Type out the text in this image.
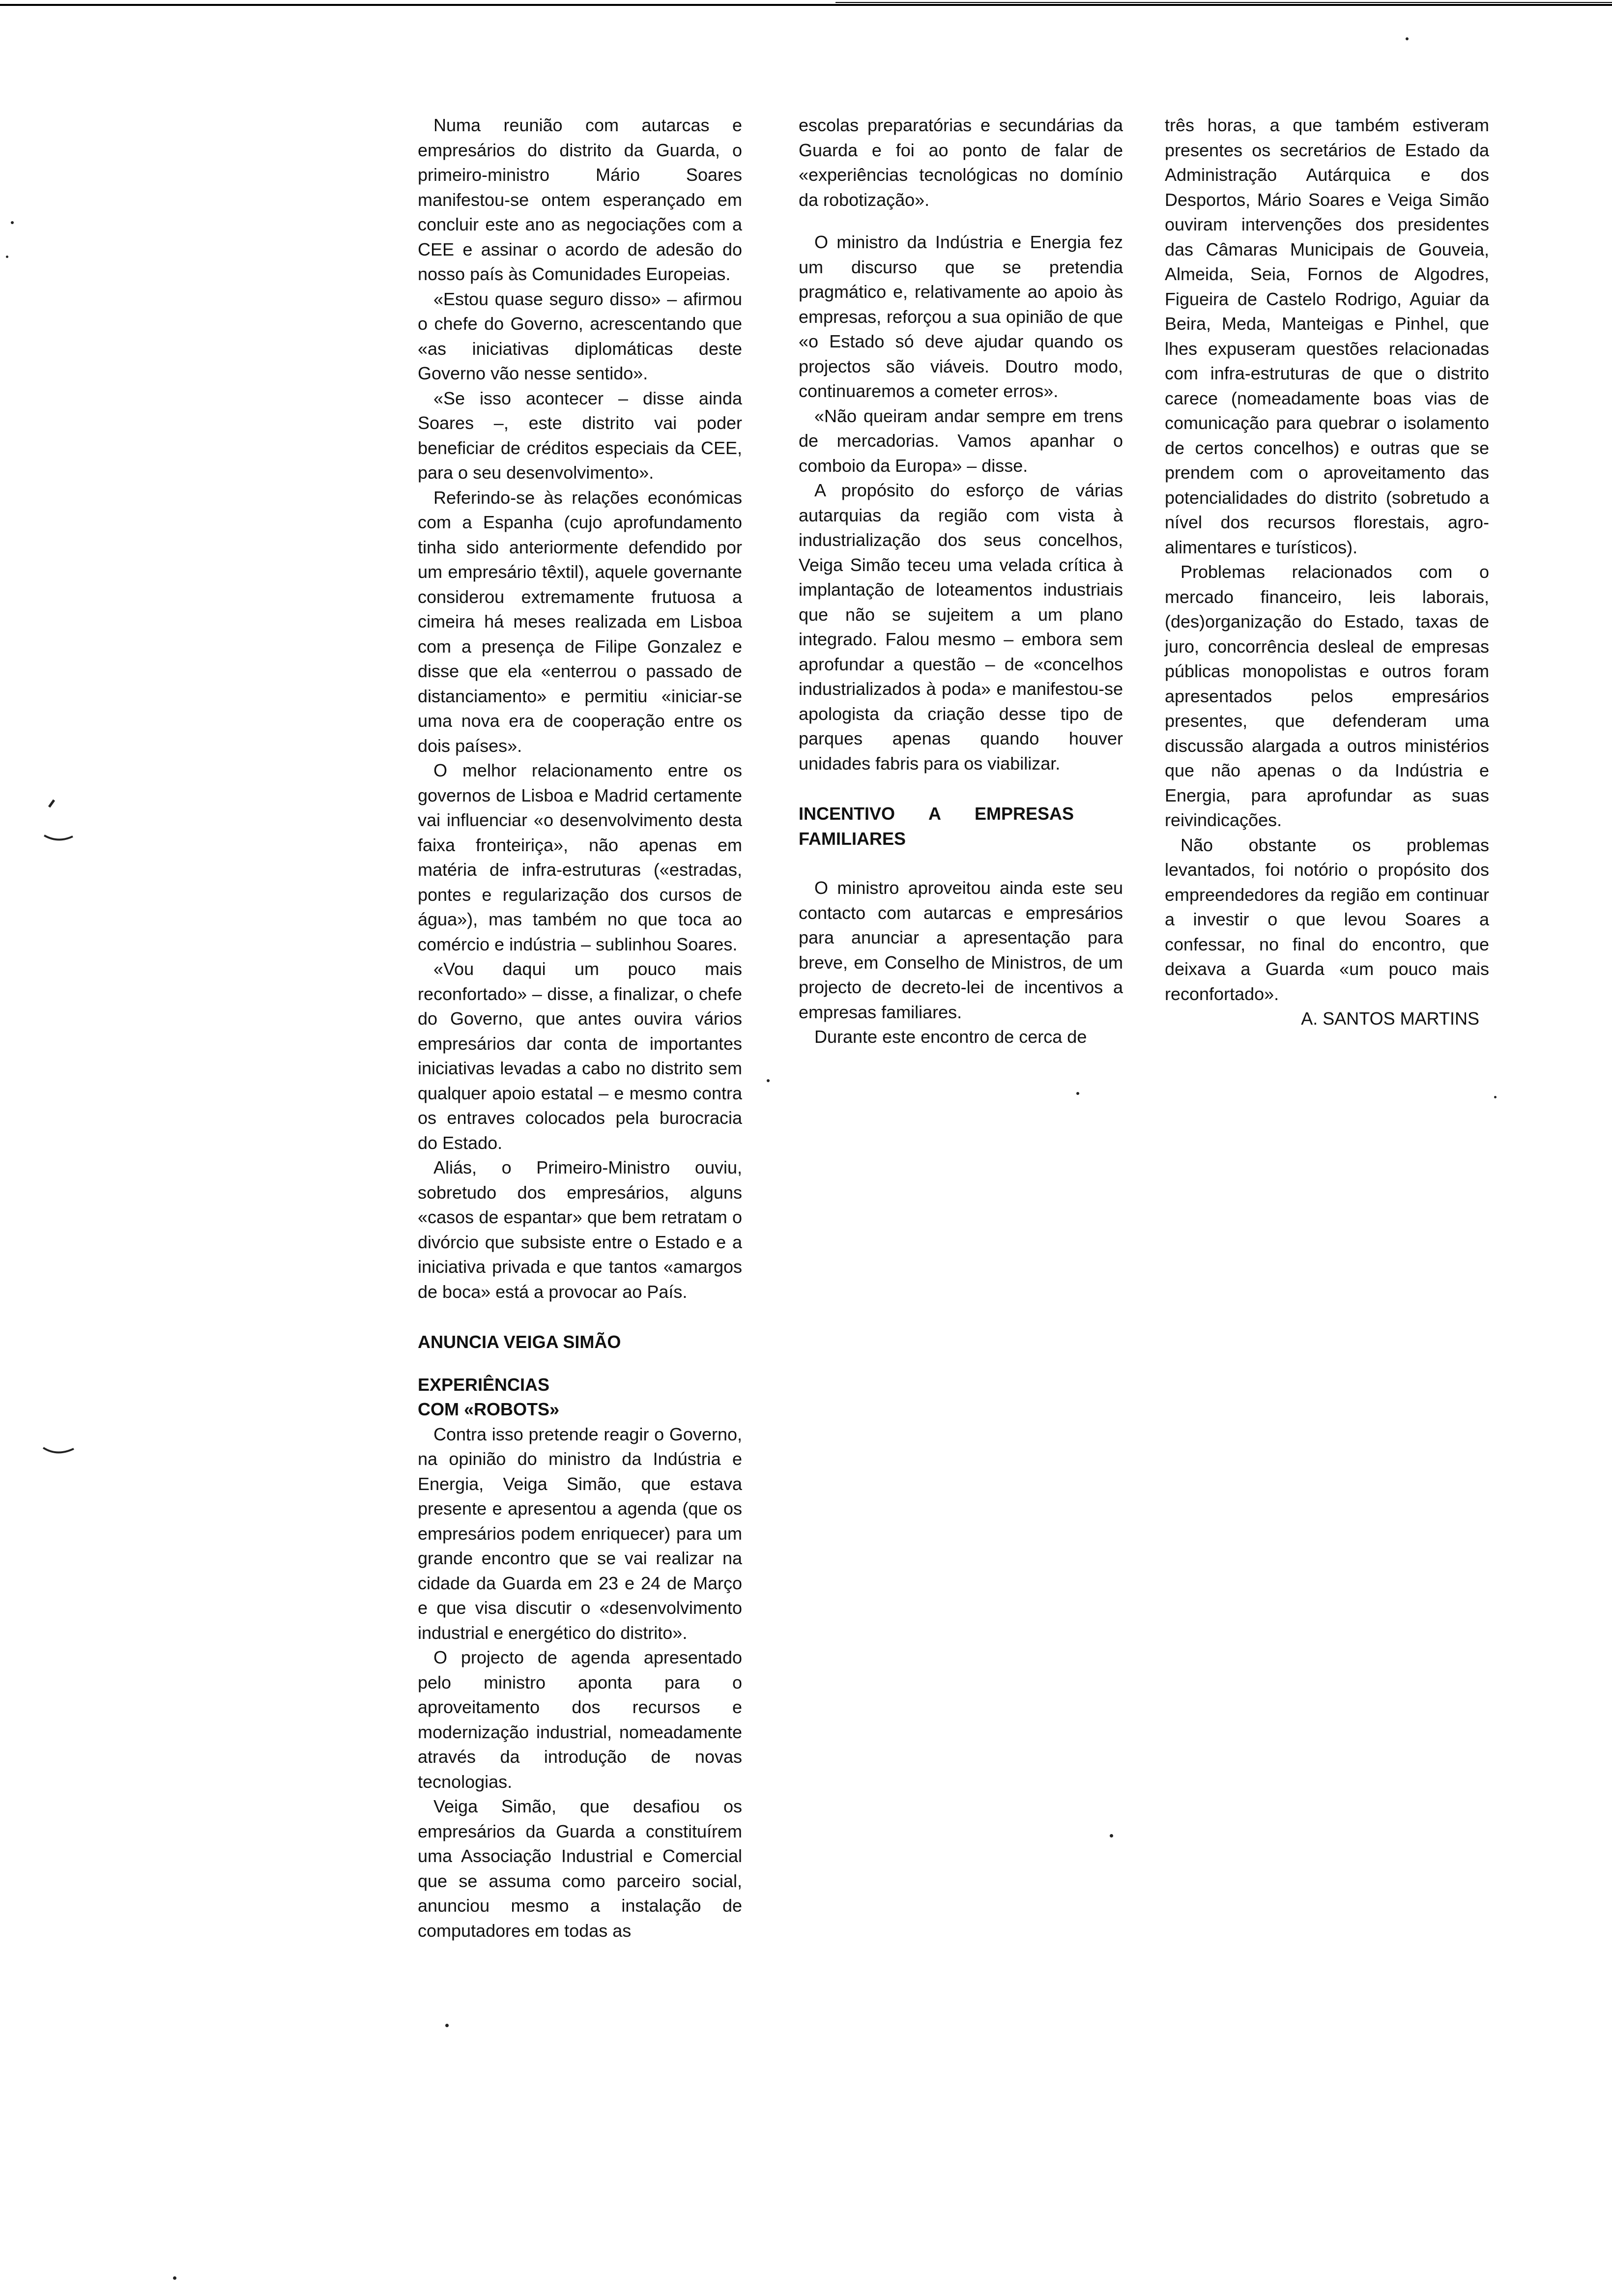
Numa reunião com autarcas e empresários do distrito da Guarda, o primeiro-ministro Mário Soares manifestou-se ontem esperançado em concluir este ano as negociações com a CEE e assinar o acordo de adesão do nosso país às Comunidades Europeias.

«Estou quase seguro disso» – afirmou o chefe do Governo, acrescentando que «as iniciativas diplomáticas deste Governo vão nesse sentido».

«Se isso acontecer – disse ainda Soares –, este distrito vai poder beneficiar de créditos especiais da CEE, para o seu desenvolvimento».

Referindo-se às relações económicas com a Espanha (cujo aprofundamento tinha sido anteriormente defendido por um empresário têxtil), aquele governante considerou extremamente frutuosa a cimeira há meses realizada em Lisboa com a presença de Filipe Gonzalez e disse que ela «enterrou o passado de distanciamento» e permitiu «iniciar-se uma nova era de cooperação entre os dois países».

O melhor relacionamento entre os governos de Lisboa e Madrid certamente vai influenciar «o desenvolvimento desta faixa fronteiriça», não apenas em matéria de infra-estruturas («estradas, pontes e regularização dos cursos de água»), mas também no que toca ao comércio e indústria – sublinhou Soares.

«Vou daqui um pouco mais reconfortado» – disse, a finalizar, o chefe do Governo, que antes ouvira vários empresários dar conta de importantes iniciativas levadas a cabo no distrito sem qualquer apoio estatal – e mesmo contra os entraves colocados pela burocracia do Estado.

Aliás, o Primeiro-Ministro ouviu, sobretudo dos empresários, alguns «casos de espantar» que bem retratam o divórcio que subsiste entre o Estado e a iniciativa privada e que tantos «amargos de boca» está a provocar ao País.

ANUNCIA VEIGA SIMÃO
EXPERIÊNCIAS COM «ROBOTS»

Contra isso pretende reagir o Governo, na opinião do ministro da Indústria e Energia, Veiga Simão, que estava presente e apresentou a agenda (que os empresários podem enriquecer) para um grande encontro que se vai realizar na cidade da Guarda em 23 e 24 de Março e que visa discutir o «desenvolvimento industrial e energético do distrito».

O projecto de agenda apresentado pelo ministro aponta para o aproveitamento dos recursos e modernização industrial, nomeadamente através da introdução de novas tecnologias.

Veiga Simão, que desafiou os empresários da Guarda a constituírem uma Associação Industrial e Comercial que se assuma como parceiro social, anunciou mesmo a instalação de computadores em todas as

escolas preparatórias e secundárias da Guarda e foi ao ponto de falar de «experiências tecnológicas no domínio da robotização».

O ministro da Indústria e Energia fez um discurso que se pretendia pragmático e, relativamente ao apoio às empresas, reforçou a sua opinião de que «o Estado só deve ajudar quando os projectos são viáveis. Doutro modo, continuaremos a cometer erros».

«Não queiram andar sempre em trens de mercadorias. Vamos apanhar o comboio da Europa» – disse.

A propósito do esforço de várias autarquias da região com vista à industrialização dos seus concelhos, Veiga Simão teceu uma velada crítica à implantação de loteamentos industriais que não se sujeitem a um plano integrado. Falou mesmo – embora sem aprofundar a questão – de «concelhos industrializados à poda» e manifestou-se apologista da criação desse tipo de parques apenas quando houver unidades fabris para os viabilizar.

INCENTIVO A EMPRESAS FAMILIARES

O ministro aproveitou ainda este seu contacto com autarcas e empresários para anunciar a apresentação para breve, em Conselho de Ministros, de um projecto de decreto-lei de incentivos a empresas familiares.

Durante este encontro de cerca de

três horas, a que também estiveram presentes os secretários de Estado da Administração Autárquica e dos Desportos, Mário Soares e Veiga Simão ouviram intervenções dos presidentes das Câmaras Municipais de Gouveia, Almeida, Seia, Fornos de Algodres, Figueira de Castelo Rodrigo, Aguiar da Beira, Meda, Manteigas e Pinhel, que lhes expuseram questões relacionadas com infra-estruturas de que o distrito carece (nomeadamente boas vias de comunicação para quebrar o isolamento de certos concelhos) e outras que se prendem com o aproveitamento das potencialidades do distrito (sobretudo a nível dos recursos florestais, agro-alimentares e turísticos).

Problemas relacionados com o mercado financeiro, leis laborais, (des)organização do Estado, taxas de juro, concorrência desleal de empresas públicas monopolistas e outros foram apresentados pelos empresários presentes, que defenderam uma discussão alargada a outros ministérios que não apenas o da Indústria e Energia, para aprofundar as suas reivindicações.

Não obstante os problemas levantados, foi notório o propósito dos empreendedores da região em continuar a investir o que levou Soares a confessar, no final do encontro, que deixava a Guarda «um pouco mais reconfortado».

A. SANTOS MARTINS
